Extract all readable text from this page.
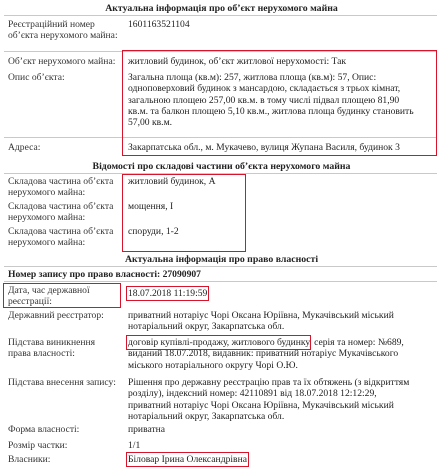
Актуальна інформація про об’єкт нерухомого майна
Реєстраційний номер об’єкта нерухомого майна:
1601163521104
Об’єкт нерухомого майна:	житловий будинок, об’єкт житлової нерухомості: Так
Опис об’єкта:	Загальна площа (кв.м): 257, житлова площа (кв.м): 57, Опис:
одноповерховий будинок з мансардою, складається з трьох кімнат,
загальною площею 257,00 кв.м. в тому числі підвал площею 81,90
кв.м. та балкон площею 5,10 кв.м., житлова площа будинку становить
57,00 кв.м.
Адреса:	Закарпатська обл., м. Мукачево, вулиця Жупана Василя, будинок 3
Відомості про складові частини об’єкта нерухомого майна
Складова частина об’єкта нерухомого майна:
житловий будинок, А
Складова частина об’єкта нерухомого майна:
мощення, І
Складова частина об’єкта нерухомого майна:
споруди, 1-2
Актуальна інформація про право власності
Номер запису про право власності: 27090907
Дата, час державної реєстрації:
18.07.2018 11:19:59
Державний реєстратор:	приватний нотаріус Чорі Оксана Юріївна, Мукачівський міський
нотаріальний округ, Закарпатська обл.
Підстава виникнення права власності:
договір купівлі-продажу, житлового будинку, серія та номер: №689,
виданий 18.07.2018, видавник: приватний нотаріус Мукачівського
міського нотаріального округу Чорі О.Ю.
Підстава внесення запису:	Рішення про державну реєстрацію прав та їх обтяжень (з відкриттям
розділу), індексний номер: 42110891 від 18.07.2018 12:12:29,
приватний нотаріус Чорі Оксана Юріївна, Мукачівський міський
нотаріальний округ, Закарпатська обл.
Форма власності:	приватна
Розмір частки:	1/1
Власники:	Біловар Ірина Олександрівна
